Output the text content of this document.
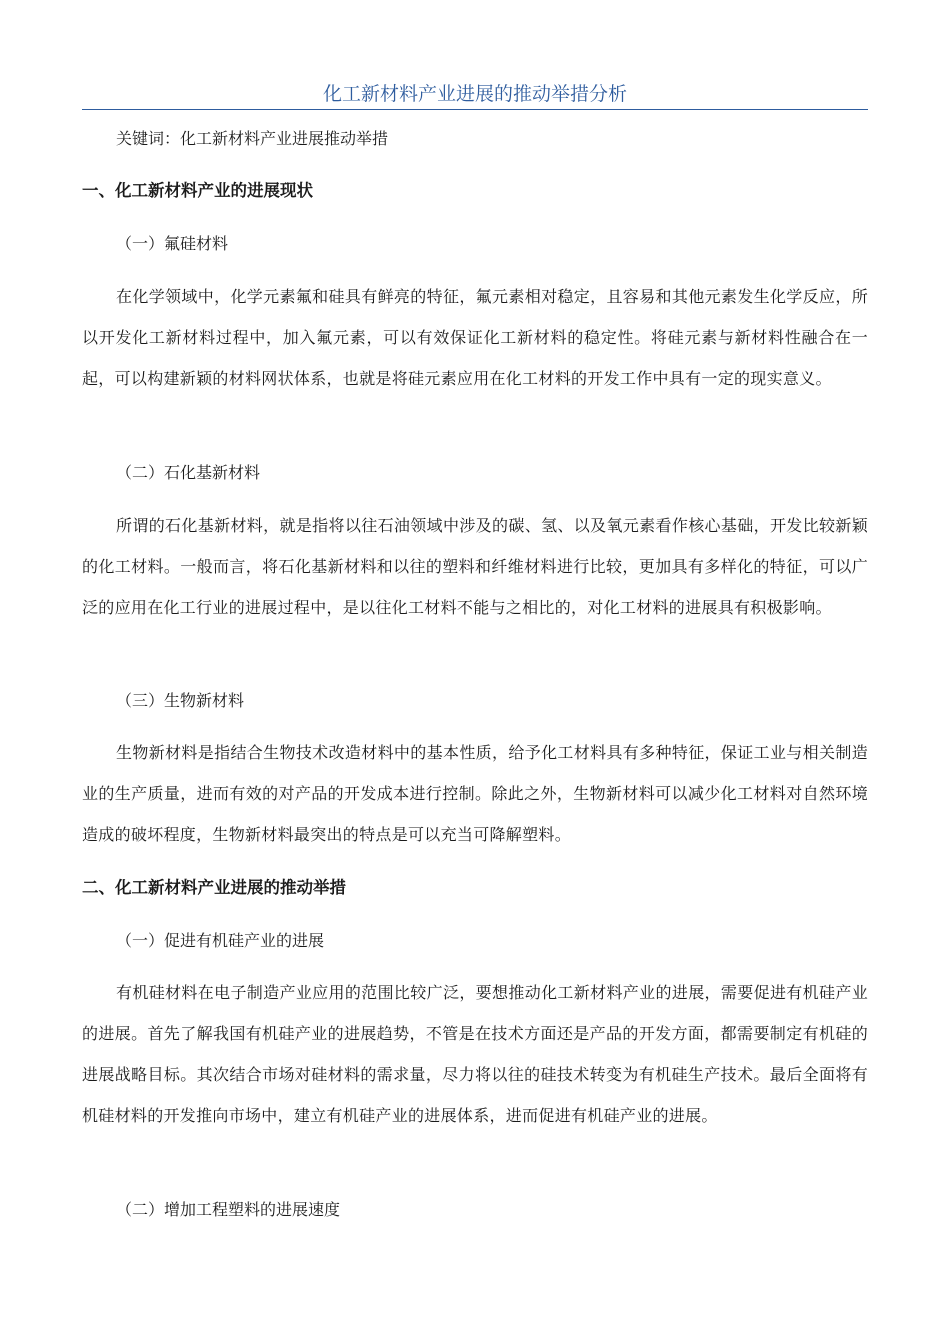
化工新材料产业进展的推动举措分析

关键词：化工新材料产业进展推动举措

一、化工新材料产业的进展现状

（一）氟硅材料

在化学领域中，化学元素氟和硅具有鲜亮的特征，氟元素相对稳定，且容易和其他元素发生化学反应，所以开发化工新材料过程中，加入氟元素，可以有效保证化工新材料的稳定性。将硅元素与新材料性融合在一起，可以构建新颖的材料网状体系，也就是将硅元素应用在化工材料的开发工作中具有一定的现实意义。

（二）石化基新材料

所谓的石化基新材料，就是指将以往石油领域中涉及的碳、氢、以及氧元素看作核心基础，开发比较新颖的化工材料。一般而言，将石化基新材料和以往的塑料和纤维材料进行比较，更加具有多样化的特征，可以广泛的应用在化工行业的进展过程中，是以往化工材料不能与之相比的，对化工材料的进展具有积极影响。

（三）生物新材料

生物新材料是指结合生物技术改造材料中的基本性质，给予化工材料具有多种特征，保证工业与相关制造业的生产质量，进而有效的对产品的开发成本进行控制。除此之外，生物新材料可以减少化工材料对自然环境造成的破坏程度，生物新材料最突出的特点是可以充当可降解塑料。

二、化工新材料产业进展的推动举措

（一）促进有机硅产业的进展

有机硅材料在电子制造产业应用的范围比较广泛，要想推动化工新材料产业的进展，需要促进有机硅产业的进展。首先了解我国有机硅产业的进展趋势，不管是在技术方面还是产品的开发方面，都需要制定有机硅的进展战略目标。其次结合市场对硅材料的需求量，尽力将以往的硅技术转变为有机硅生产技术。最后全面将有机硅材料的开发推向市场中，建立有机硅产业的进展体系，进而促进有机硅产业的进展。

（二）增加工程塑料的进展速度
